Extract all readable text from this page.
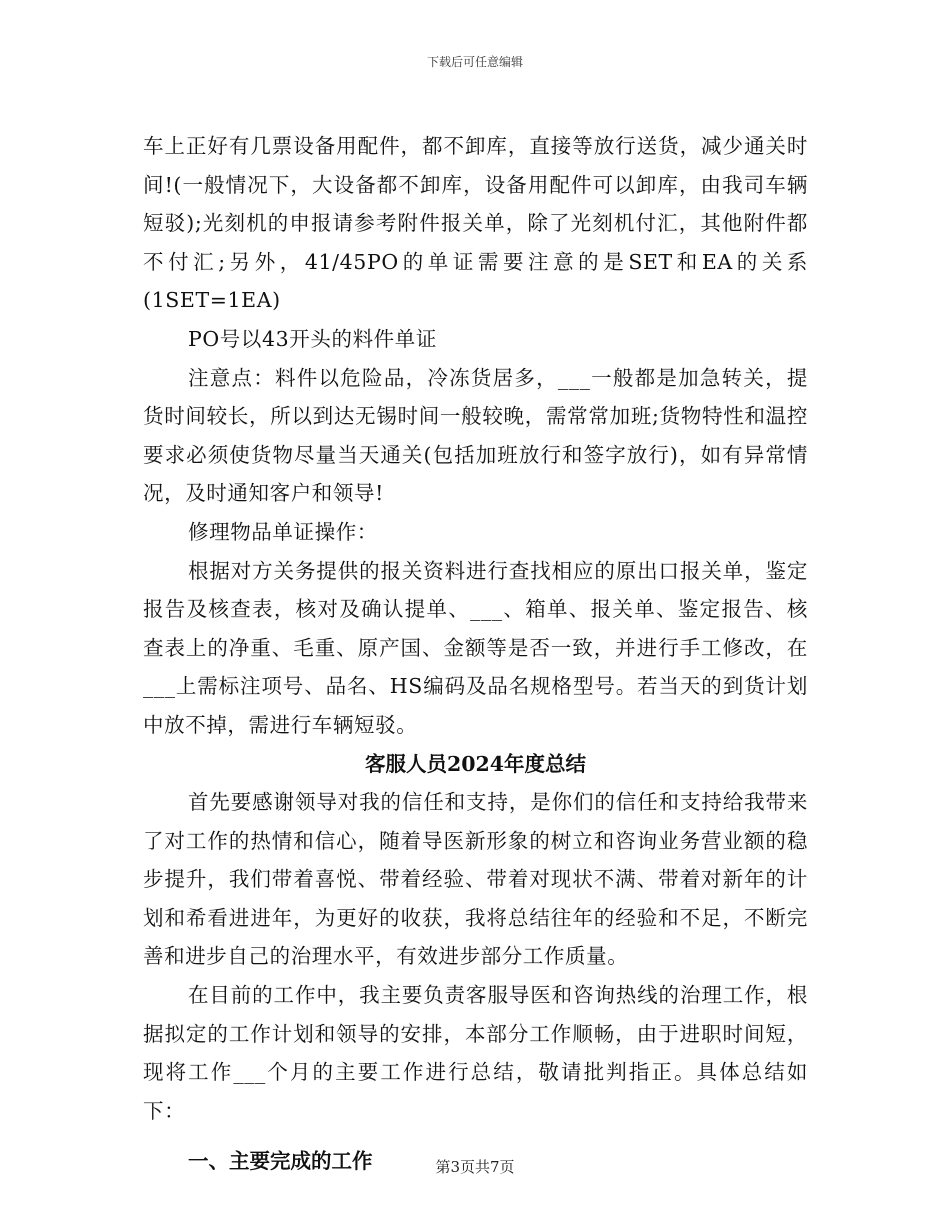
下载后可任意编辑

车上正好有几票设备用配件，都不卸库，直接等放行送货，减少通关时间!(一般情况下，大设备都不卸库，设备用配件可以卸库，由我司车辆短驳);光刻机的申报请参考附件报关单，除了光刻机付汇，其他附件都不付汇;另外，41/45PO的单证需要注意的是SET和EA的关系(1SET=1EA)

PO号以43开头的料件单证

注意点：料件以危险品，冷冻货居多，___一般都是加急转关，提货时间较长，所以到达无锡时间一般较晚，需常常加班;货物特性和温控要求必须使货物尽量当天通关(包括加班放行和签字放行)，如有异常情况，及时通知客户和领导!

修理物品单证操作：

根据对方关务提供的报关资料进行查找相应的原出口报关单，鉴定报告及核查表，核对及确认提单、___、箱单、报关单、鉴定报告、核查表上的净重、毛重、原产国、金额等是否一致，并进行手工修改，在___上需标注项号、品名、HS编码及品名规格型号。若当天的到货计划中放不掉，需进行车辆短驳。

客服人员2024年度总结

首先要感谢领导对我的信任和支持，是你们的信任和支持给我带来了对工作的热情和信心，随着导医新形象的树立和咨询业务营业额的稳步提升，我们带着喜悦、带着经验、带着对现状不满、带着对新年的计划和希看进进年，为更好的收获，我将总结往年的经验和不足，不断完善和进步自己的治理水平，有效进步部分工作质量。

在目前的工作中，我主要负责客服导医和咨询热线的治理工作，根据拟定的工作计划和领导的安排，本部分工作顺畅，由于进职时间短，现将工作___个月的主要工作进行总结，敬请批判指正。具体总结如下：

一、主要完成的工作	第3页共7页
